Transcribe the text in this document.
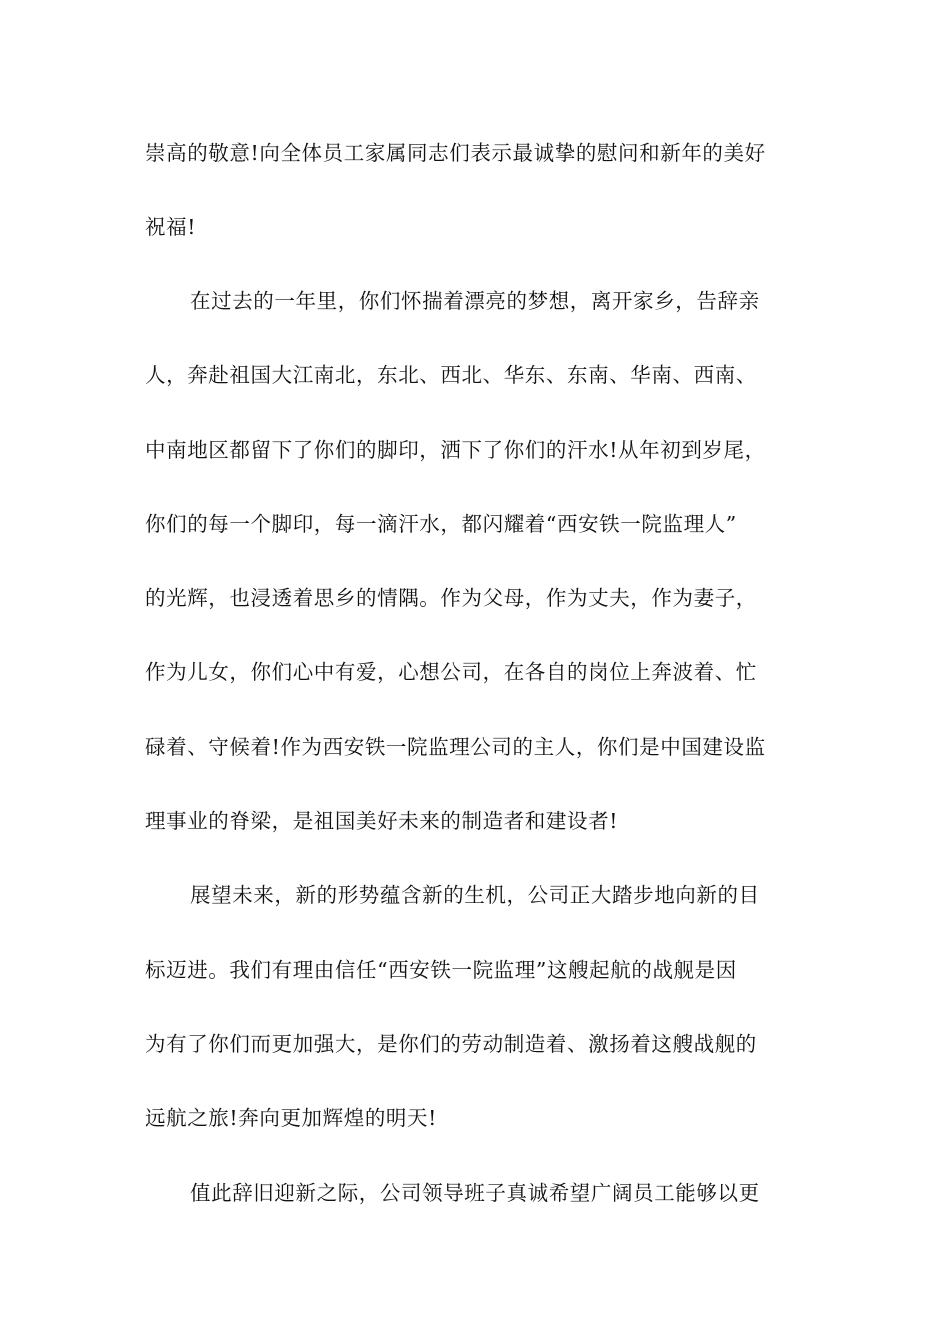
崇高的敬意!向全体员工家属同志们表示最诚挚的慰问和新年的美好
祝福!
在过去的一年里，你们怀揣着漂亮的梦想，离开家乡，告辞亲
人，奔赴祖国大江南北，东北、西北、华东、东南、华南、西南、
中南地区都留下了你们的脚印，洒下了你们的汗水!从年初到岁尾，
你们的每一个脚印，每一滴汗水，都闪耀着“西安铁一院监理人”
的光辉，也浸透着思乡的情隅。作为父母，作为丈夫，作为妻子，
作为儿女，你们心中有爱，心想公司，在各自的岗位上奔波着、忙
碌着、守候着!作为西安铁一院监理公司的主人，你们是中国建设监
理事业的脊梁，是祖国美好未来的制造者和建设者!
展望未来，新的形势蕴含新的生机，公司正大踏步地向新的目
标迈进。我们有理由信任“西安铁一院监理”这艘起航的战舰是因
为有了你们而更加强大，是你们的劳动制造着、激扬着这艘战舰的
远航之旅!奔向更加辉煌的明天!
值此辞旧迎新之际，公司领导班子真诚希望广阔员工能够以更
